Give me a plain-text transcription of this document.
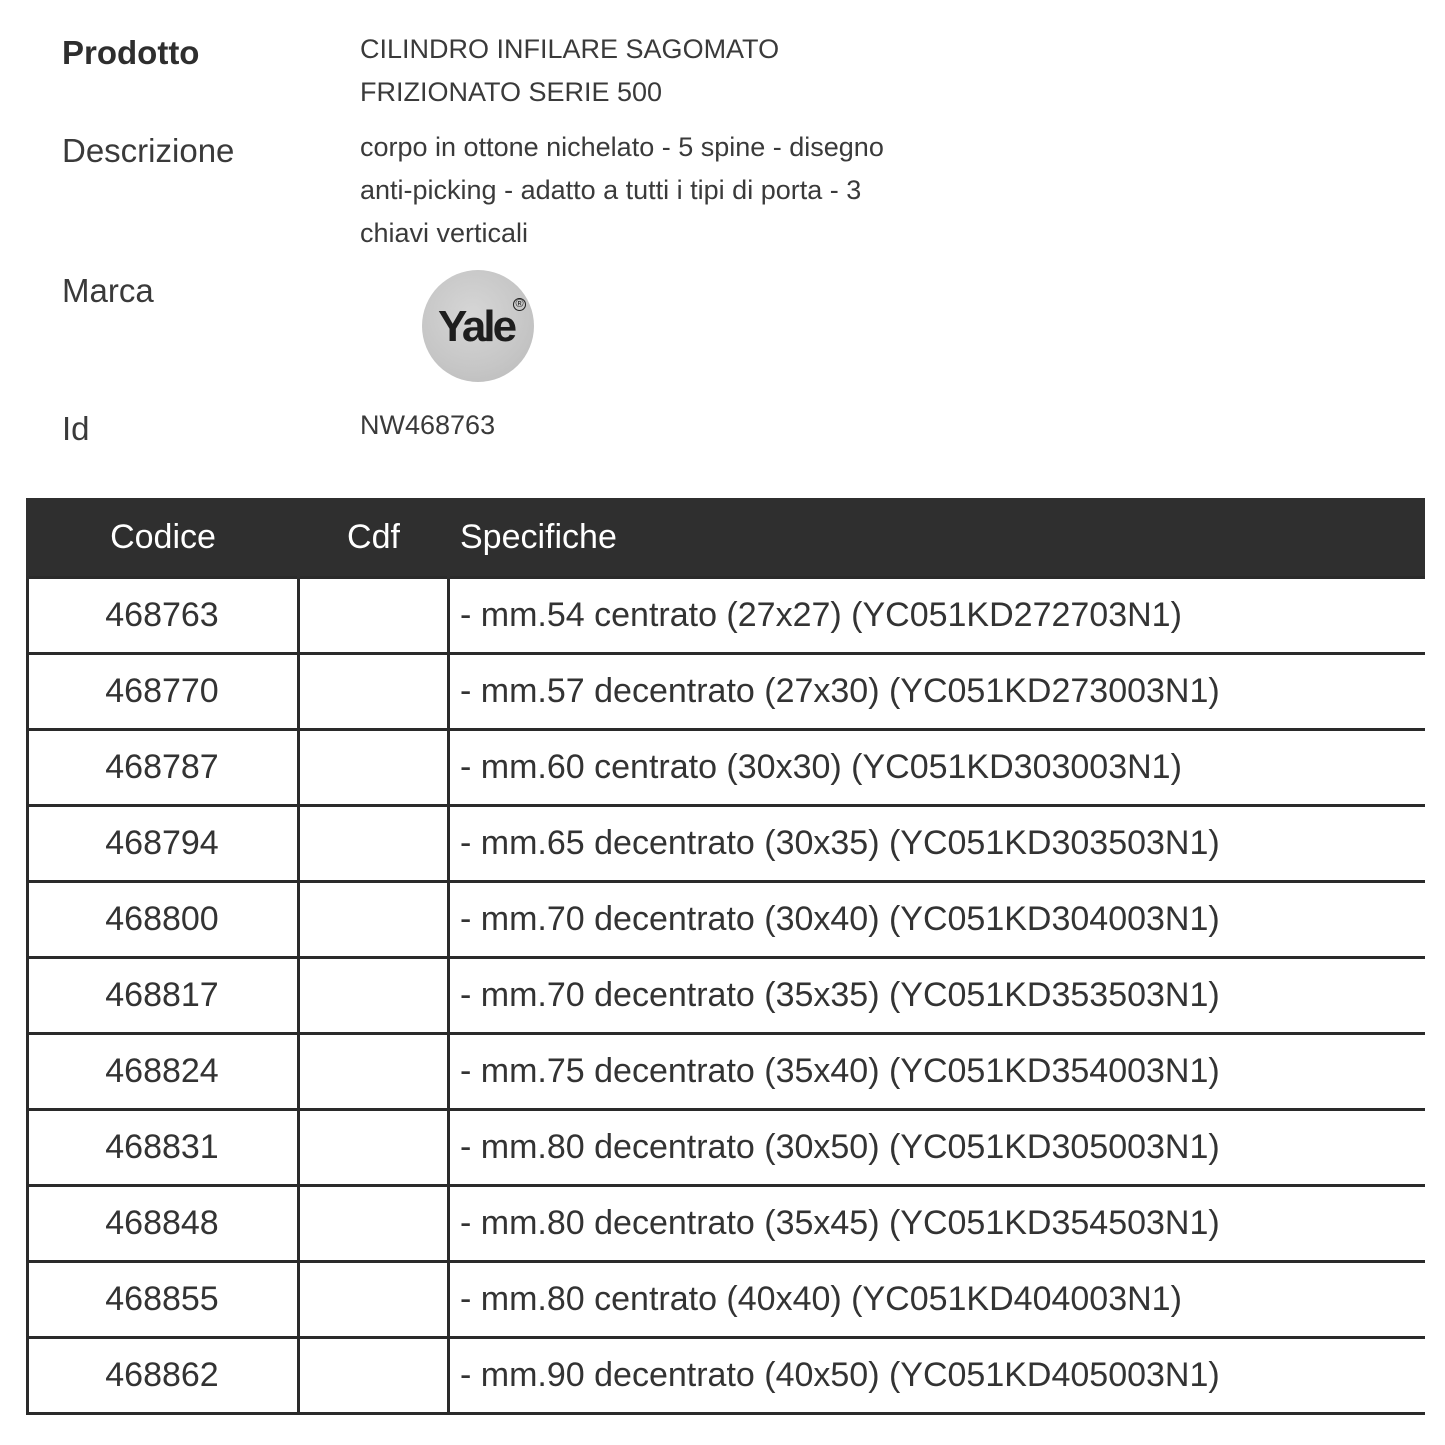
Prodotto	CILINDRO INFILARE SAGOMATO
FRIZIONATO SERIE 500
Descrizione	corpo in ottone nichelato - 5 spine - disegno
anti-picking - adatto a tutti i tipi di porta - 3
chiavi verticali
Marca
Yale ®
Id	NW468763
Codice	Cdf	Specifiche
468763		- mm.54 centrato (27x27) (YC051KD272703N1)
468770		- mm.57 decentrato (27x30) (YC051KD273003N1)
468787		- mm.60 centrato (30x30) (YC051KD303003N1)
468794		- mm.65 decentrato (30x35) (YC051KD303503N1)
468800		- mm.70 decentrato (30x40) (YC051KD304003N1)
468817		- mm.70 decentrato (35x35) (YC051KD353503N1)
468824		- mm.75 decentrato (35x40) (YC051KD354003N1)
468831		- mm.80 decentrato (30x50) (YC051KD305003N1)
468848		- mm.80 decentrato (35x45) (YC051KD354503N1)
468855		- mm.80 centrato (40x40) (YC051KD404003N1)
468862		- mm.90 decentrato (40x50) (YC051KD405003N1)
